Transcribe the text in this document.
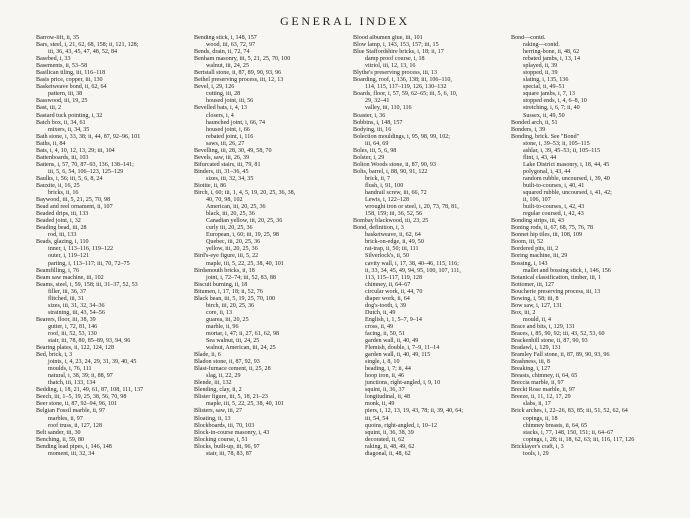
GENERAL INDEX
Barrow-lift, ii, 35
Bars, steel, i, 21, 62, 68, 158; ii, 121, 128;
iii, 36, 43, 45, 47, 48, 52, 84
Basebed, i, 33
Basements, ii, 53–58
Basilican tiling, iii, 116–118
Basis price, copper, iii, 130
Basketweave bond, ii, 62, 64
pattern, iii, 38
Basswood, iii, 19, 25
Bast, iii, 2
Bastard tuck pointing, i, 32
Batch box, ii, 34, 61
mixers, ii, 34, 35
Bath stone, i, 33, 38; ii, 44, 87, 92–96, 101
Baths, ii, 84
Bats, i, 4, 10, 12, 13, 29; iii, 104
Battenboards, iii, 103
Battens, i, 57, 70, 87–93, 136, 138–141;
iii, 5, 6, 54, 106–123, 125–129
Baulks, i, 56; iii, 5, 6, 8, 24
Bauxite, ii, 16, 25
bricks, ii, 16
Baywood, iii, 5, 21, 25, 70, 98
Bead and reel ornament, ii, 107
Beaded drips, iii, 133
Beaded joint, i, 32
Beading bead, iii, 28
rod, iii, 133
Beads, glazing, i, 110
inner, i, 113–116, 119–122
outer, i, 119–121
parting, i, 113–117; iii, 70, 72–75
Beamfilling, i, 76
Beam saw machine, iii, 102
Beams, steel, i, 59, 158; iii, 31–37, 52, 53
filler, iii, 36, 37
flitched, iii, 31
sizes, iii, 31, 32, 34–36
straining, iii, 43, 54–56
Bearers, floor, iii, 38, 39
gutter, i, 72, 81, 146
roof, iii, 52, 53, 130
stair, iii, 78, 80, 85–89, 93, 94, 96
Bearing plates, ii, 122, 124, 128
Bed, brick, i, 3
joints, i, 4, 23, 24, 29, 31, 39, 40, 45
moulds, i, 76, 111
natural, i, 38, 39; ii, 88, 97
thatch, iii, 133, 134
Bedding, i, 18, 21, 49, 61, 87, 108, 111, 137
Beech, iii, 1–5, 19, 25, 38, 56, 70, 98
Beer stone, ii, 87, 92–94, 96, 101
Belgian Fossil marble, ii, 97
marbles, ii, 97
roof truss, ii, 127, 128
Belt sander, iii, 30
Benching, ii, 59, 80
Bending lead pipes, i, 146, 148
moment, iii, 32, 34
Bending stick, i, 148, 157
wood, iii, 63, 72, 97
Bends, drain, ii, 72, 74
Benham masonry, iii, 5, 21, 25, 70, 100
walnut, iii, 24, 25
Bertstall stone, ii, 87, 89, 90, 93, 96
Bethel preserving process, iii, 12, 13
Bevel, i, 29, 126
cutting, iii, 28
housed joint, iii, 56
Bevelled bats, i, 4, 13
closers, i, 4
haunched joint, i, 66, 74
housed joint, i, 66
rebated joint, i, 116
saws, iii, 26, 27
Bevelling, iii, 28, 30, 49, 58, 70
Bevels, saw, iii, 26, 39
Bifurcated stairs, iii, 79, 81
Binders, iii, 31–36, 45
sizes, iii, 32, 34, 35
Biotite, ii, 86
Birch, i, 60; iii, 1, 4, 5, 19, 20, 25, 36, 38,
40, 70, 98, 102
American, iii, 20, 25, 36
black, iii, 20, 25, 36
Canadian yellow, iii, 20, 25, 36
curly iii, 20, 25, 36
European, i, 60; iii, 19, 25, 98
Quebec, iii, 20, 25, 36
yellow, iii, 20, 25, 36
Bird's-eye figure, iii, 5, 22
maple, iii, 5, 22, 25, 38, 40, 101
Birdsmouth bricks, ii, 18
joint, i, 72–74; iii, 52, 83, 88
Biscuit burning, ii, 18
Bitumen, i, 17, 18; ii, 52, 76
Black bean, iii, 5, 19, 25, 70, 100
birch, iii, 20, 25, 36
core, ii, 13
guarea, iii, 20, 25
marble, ii, 96
mortar, i, 47; ii, 27, 61, 62, 98
Sea walnut, iii, 24, 25
walnut, American, iii, 24, 25
Blade, ii, 6
Bladon stone, ii, 87, 92, 93
Blast-furnace cement, ii, 25, 28
slag, ii, 22, 29
Blende, iii, 132
Blending, clay, ii, 2
Blister figure, iii, 5, 18, 21–23
maple, iii, 5, 22, 25, 38, 40, 101
Blisters, saw, iii, 27
Bloating, ii, 13
Blockboards, iii, 70, 103
Block-in-course masonry, i, 43
Blocking course, i, 51
Blocks, built-up, iii, 96, 97
stair, iii, 78, 83, 87
Blood albumen glue, iii, 101
Blow lamp, i, 143, 153, 157; iii, 15
Blue Staffordshire bricks, i, 18; ii, 17
damp proof course, i, 18
vitriol, iii, 12, 13, 16
Blythe's preserving process, iii, 13
Boarding, roof, i, 136, 138; iii, 106–110,
114, 115, 117–119, 126, 130–132
Boards, floor, i, 57, 59, 62–65; iii, 5, 6, 10,
29, 32–41
valley, iii, 110, 116
Boaster, i, 36
Bobbins, i, 148, 157
Bodying, iii, 16
Bolection mouldings, i, 95, 98, 99, 102;
iii, 64, 69
Boles, iii, 5, 6, 98
Bolster, i, 29
Bolton Woods stone, ii, 87, 90, 93
Bolts, barrel, i, 88, 90, 91, 122
brick, ii, 7
flush, i, 91, 100
handrail screw, iii, 66, 72
Lewis, i, 122–128
wrought iron or steel, i, 20, 73, 78, 81,
158, 159; iii, 36, 52, 56
Bombay blackwood, iii, 23, 25
Bond, definition, i, 3
basketweave, ii, 62, 64
brick-on-edge, ii, 49, 50
rat-trap, ii, 50; iii, 111
Silverlock's, ii, 50
cavity wall, i, 17, 38, 40–46, 115, 116;
ii, 33, 34, 45, 49, 94, 95, 100, 107, 111,
113, 115–117, 119, 128
chimney, ii, 64–67
circular work, ii, 44, 70
diaper work, ii, 64
dog's-tooth, i, 39
Dutch, ii, 49
English, i, 1, 5–7, 9–14
cross, ii, 49
facing, ii, 50, 51
garden wall, ii, 40, 49
Flemish, double, i, 7–9, 11–14
garden wall, ii, 40, 49, 115
single, i, 8, 10
heading, i, 7; ii, 44
hoop iron, ii, 46
junctions, right-angled, i, 9, 10
squint, ii, 36, 37
longitudinal, ii, 48
monk, ii, 49
piers, i, 12, 13, 19, 43, 78; ii, 39, 40, 64;
iii, 54, 54
quoins, right-angled, i, 10–12
squint, ii, 36, 38, 39
decorated, ii, 62
raking, ii, 48, 49, 62
diagonal, ii, 48, 62
Bond—contd.
raking—contd.
herring-bone, ii, 48, 62
rebated jambs, i, 13, 14
splayed, ii, 39
stopped, ii, 39
slating, i, 135, 136
special, ii, 49–51
square jambs, i, 7, 13
stopped ends, i, 4, 6–8, 10
stretching, i, 6, 7; ii, 40
Sussex, ii, 49, 50
Bonded arch, ii, 51
Bonders, i, 39
Bonding, brick. See "Bond"
stone, i, 39–53; ii, 105–115
ashlar, i, 39, 45–53; ii, 105–115
flint, i, 43, 44
Lake District masonry, i, 18, 44, 45
polygonal, i, 43, 44
random rubble, uncoursed, i, 39, 40
built-to-courses, i, 40, 41
squared rubble, uncoursed, i, 41, 42;
ii, 106, 107
built-to-courses, i, 42, 43
regular coursed, i, 42, 43
Bonding strips, iii, 43
Boning rods, ii, 67, 68, 75, 76, 78
Bonnet hip tiles, iii, 108, 109
Boom, iii, 52
Bordered pits, iii, 2
Boring machine, iii, 29
Bossing, i, 143
mallet and bossing stick, i, 146, 156
Botanical classification, timber, iii, 1
Bottomer, iii, 127
Boucherie preserving process, iii, 13
Bowing, i, 58; iii, 8
Bow saw, i, 127, 131
Box, iii, 2
mould, ii, 4
Brace and bits, i, 129, 131
Braces, i, 85, 90, 92; iii, 43, 52, 53, 60
Brackenhill stone, ii, 87, 90, 93
Bradawl, i, 129, 131
Bramley Fall stone, ii, 87, 89, 90, 93, 96
Brashness, iii, 8
Breaking, i, 127
Breasts, chimney, ii, 64, 65
Breccia marble, ii, 97
Breckt Rose marble, ii, 97
Breeze, ii, 11, 12, 17, 29
slabs, ii, 17
Brick arches, i, 22–26, 83, 85; iii, 51, 52, 62, 64
copings, ii, 18
chimney breasts, ii, 64, 65
stacks, i, 77, 148, 150, 151; ii, 64–67
copings, i, 28; ii, 18, 62, 63; iii, 116, 117, 126
Bricklayer's craft, i, 3
tools, i, 29
